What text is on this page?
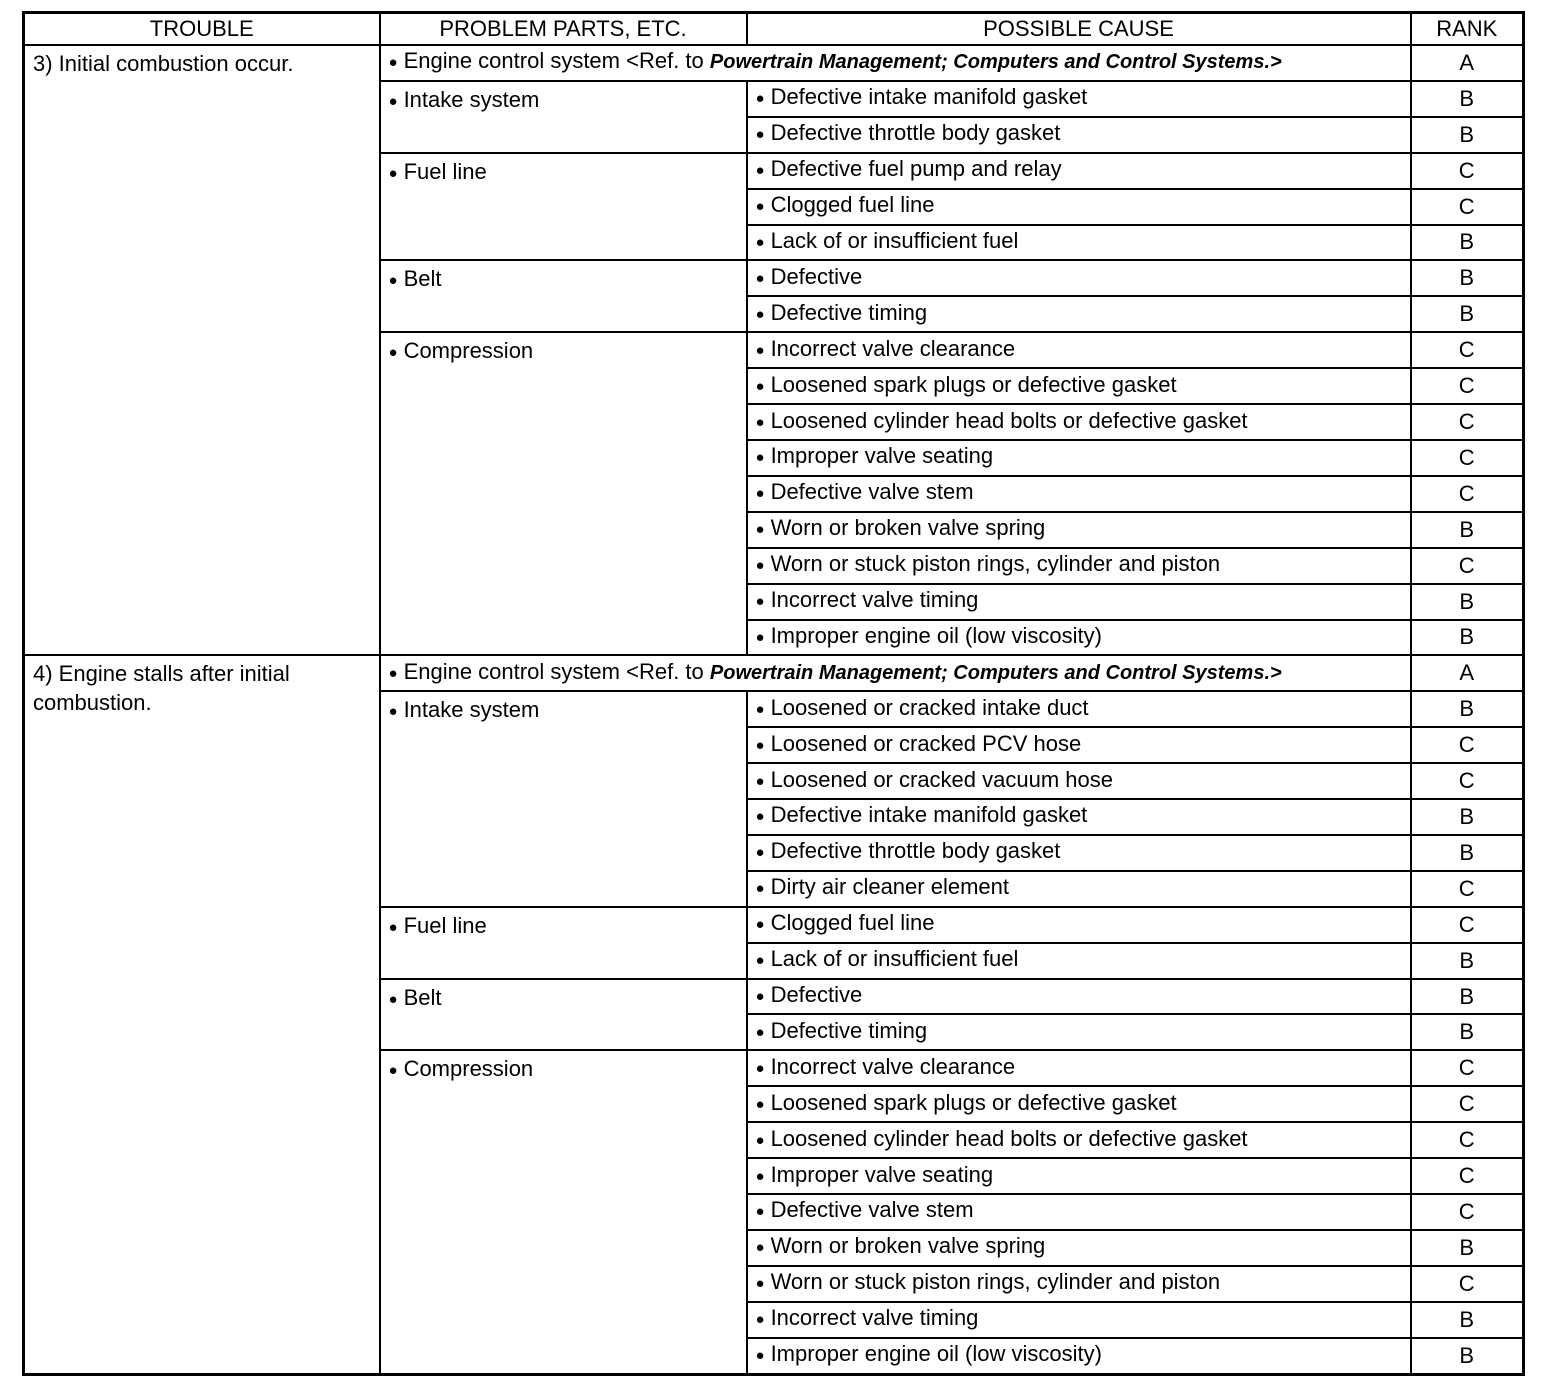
TROUBLE	PROBLEM PARTS, ETC.	POSSIBLE CAUSE	RANK
3) Initial combustion occur.	● Engine control system <Ref. to Powertrain Management; Computers and Control Systems.>		A
	● Intake system	● Defective intake manifold gasket	B
		● Defective throttle body gasket	B
	● Fuel line	● Defective fuel pump and relay	C
		● Clogged fuel line	C
		● Lack of or insufficient fuel	B
	● Belt	● Defective	B
		● Defective timing	B
	● Compression	● Incorrect valve clearance	C
		● Loosened spark plugs or defective gasket	C
		● Loosened cylinder head bolts or defective gasket	C
		● Improper valve seating	C
		● Defective valve stem	C
		● Worn or broken valve spring	B
		● Worn or stuck piston rings, cylinder and piston	C
		● Incorrect valve timing	B
		● Improper engine oil (low viscosity)	B
4) Engine stalls after initial combustion.	● Engine control system <Ref. to Powertrain Management; Computers and Control Systems.>		A
	● Intake system	● Loosened or cracked intake duct	B
		● Loosened or cracked PCV hose	C
		● Loosened or cracked vacuum hose	C
		● Defective intake manifold gasket	B
		● Defective throttle body gasket	B
		● Dirty air cleaner element	C
	● Fuel line	● Clogged fuel line	C
		● Lack of or insufficient fuel	B
	● Belt	● Defective	B
		● Defective timing	B
	● Compression	● Incorrect valve clearance	C
		● Loosened spark plugs or defective gasket	C
		● Loosened cylinder head bolts or defective gasket	C
		● Improper valve seating	C
		● Defective valve stem	C
		● Worn or broken valve spring	B
		● Worn or stuck piston rings, cylinder and piston	C
		● Incorrect valve timing	B
		● Improper engine oil (low viscosity)	B
